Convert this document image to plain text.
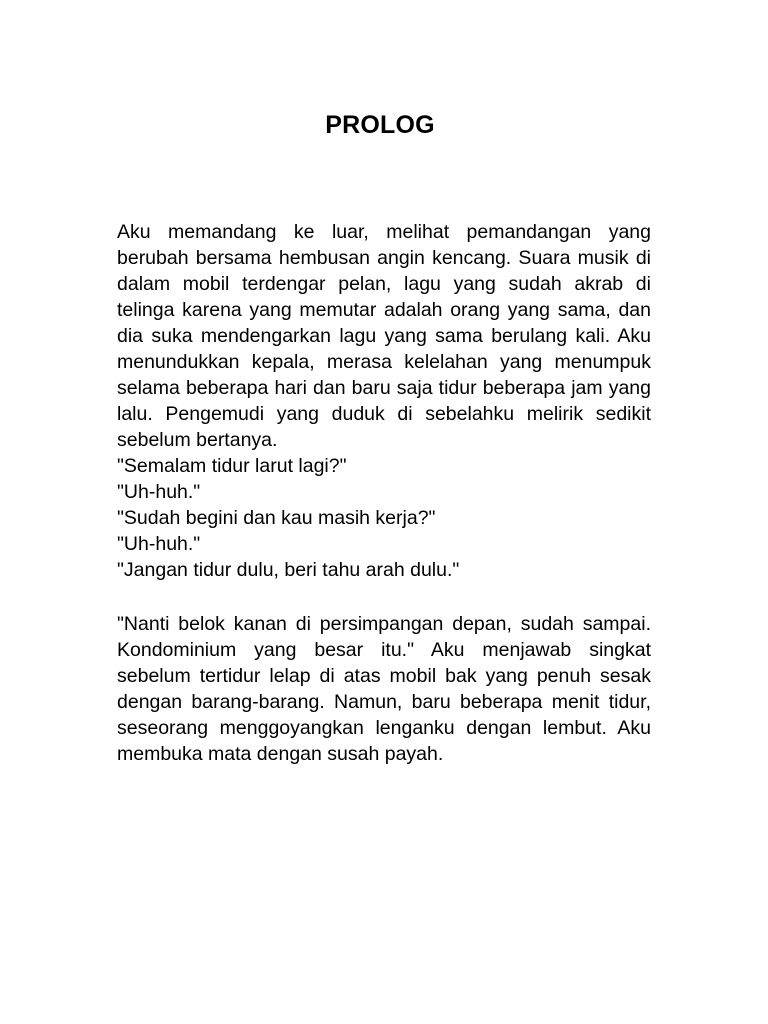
PROLOG

Aku memandang ke luar, melihat pemandangan yang berubah bersama hembusan angin kencang. Suara musik di dalam mobil terdengar pelan, lagu yang sudah akrab di telinga karena yang memutar adalah orang yang sama, dan dia suka mendengarkan lagu yang sama berulang kali. Aku menundukkan kepala, merasa kelelahan yang menumpuk selama beberapa hari dan baru saja tidur beberapa jam yang lalu. Pengemudi yang duduk di sebelahku melirik sedikit sebelum bertanya.

"Semalam tidur larut lagi?"

"Uh-huh."

"Sudah begini dan kau masih kerja?"

"Uh-huh."

"Jangan tidur dulu, beri tahu arah dulu."

"Nanti belok kanan di persimpangan depan, sudah sampai. Kondominium yang besar itu." Aku menjawab singkat sebelum tertidur lelap di atas mobil bak yang penuh sesak dengan barang-barang. Namun, baru beberapa menit tidur, seseorang menggoyangkan lenganku dengan lembut. Aku membuka mata dengan susah payah.
